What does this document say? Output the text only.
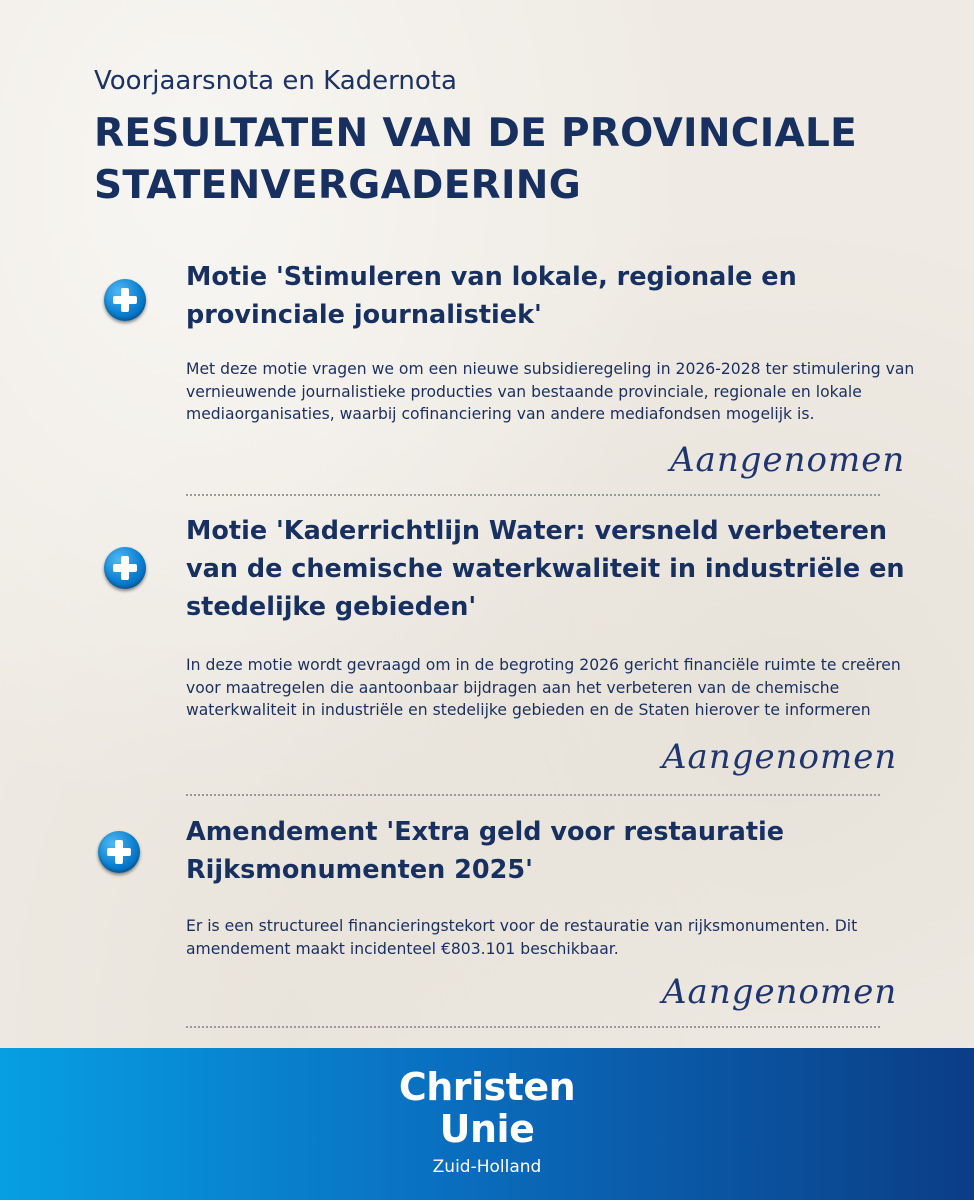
Voorjaarsnota en Kadernota
RESULTATEN VAN DE PROVINCIALE STATENVERGADERING
Motie 'Stimuleren van lokale, regionale en provinciale journalistiek'
Met deze motie vragen we om een nieuwe subsidieregeling in 2026-2028 ter stimulering van vernieuwende journalistieke producties van bestaande provinciale, regionale en lokale mediaorganisaties, waarbij cofinanciering van andere mediafondsen mogelijk is.
Aangenomen
Motie 'Kaderrichtlijn Water: versneld verbeteren van de chemische waterkwaliteit in industriële en stedelijke gebieden'
In deze motie wordt gevraagd om in de begroting 2026 gericht financiële ruimte te creëren voor maatregelen die aantoonbaar bijdragen aan het verbeteren van de chemische waterkwaliteit in industriële en stedelijke gebieden en de Staten hierover te informeren
Aangenomen
Amendement 'Extra geld voor restauratie Rijksmonumenten 2025'
Er is een structureel financieringstekort voor de restauratie van rijksmonumenten. Dit amendement maakt incidenteel €803.101 beschikbaar.
Aangenomen
Christen
Unie
Zuid-Holland
